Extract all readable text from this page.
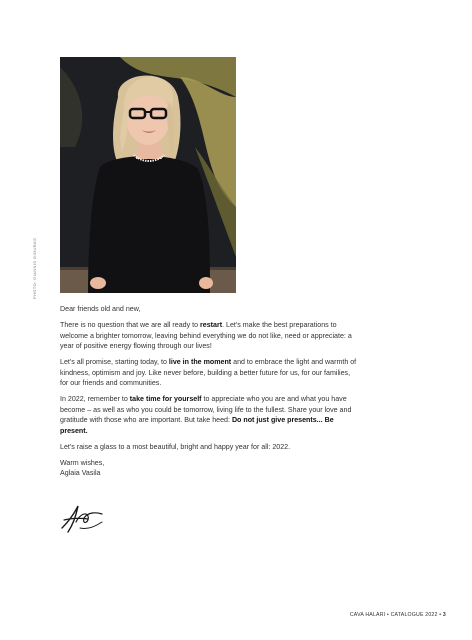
PHOTO: GIANNIS GIOURAS

Dear friends old and new,

There is no question that we are all ready to restart. Let's make the best preparations to welcome a brighter tomorrow, leaving behind everything we do not like, need or appreciate: a year of positive energy flowing through our lives!

Let's all promise, starting today, to live in the moment and to embrace the light and warmth of kindness, optimism and joy. Like never before, building a better future for us, for our families, for our friends and communities.

In 2022, remember to take time for yourself to appreciate who you are and what you have become – as well as who you could be tomorrow, living life to the fullest. Share your love and gratitude with those who are important. But take heed: Do not just give presents... Be present.

Let's raise a glass to a most beautiful, bright and happy year for all: 2022.

Warm wishes,

Aglaia Vasila

CAVA HALARI • CATALOGUE 2022 • 3
